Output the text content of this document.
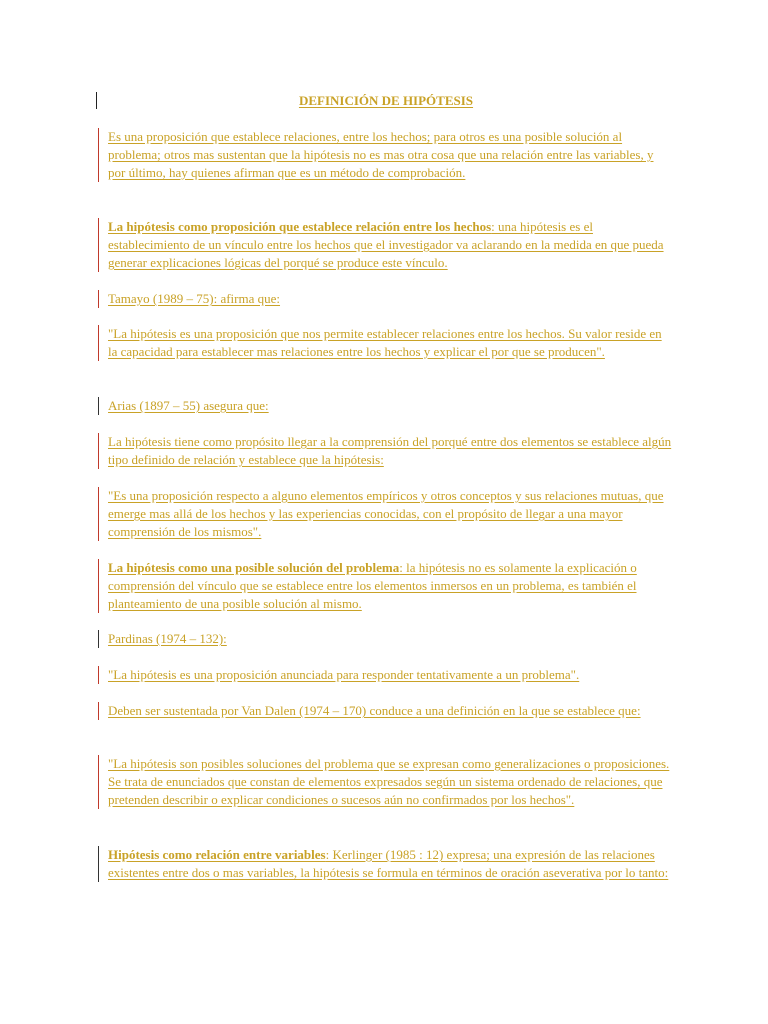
DEFINICIÓN DE HIPÓTESIS
Es una proposición que establece relaciones, entre los hechos; para otros es una posible solución al problema; otros mas sustentan que la hipótesis no es mas otra cosa que una relación entre las variables, y por último, hay quienes afirman que es un método de comprobación.
La hipótesis como proposición que establece relación entre los hechos: una hipótesis es el establecimiento de un vínculo entre los hechos que el investigador va aclarando en la medida en que pueda generar explicaciones lógicas del porqué se produce este vínculo.
Tamayo (1989 – 75): afirma que:
"La hipótesis es una proposición que nos permite establecer relaciones entre los hechos. Su valor reside en la capacidad para establecer mas relaciones entre los hechos y explicar el por que se producen".
Arias (1897 – 55) asegura que:
La hipótesis tiene como propósito llegar a la comprensión del porqué entre dos elementos se establece algún tipo definido de relación y establece que la hipótesis:
"Es una proposición respecto a alguno elementos empíricos y otros conceptos y sus relaciones mutuas, que emerge mas allá de los hechos y las experiencias conocidas, con el propósito de llegar a una mayor comprensión de los mismos".
La hipótesis como una posible solución del problema: la hipótesis no es solamente la explicación o comprensión del vínculo que se establece entre los elementos inmersos en un problema, es también el planteamiento de una posible solución al mismo.
Pardinas (1974 – 132):
"La hipótesis es una proposición anunciada para responder tentativamente a un problema".
Deben ser sustentada por Van Dalen (1974 – 170) conduce a una definición en la que se establece que:
"La hipótesis son posibles soluciones del problema que se expresan como generalizaciones o proposiciones. Se trata de enunciados que constan de elementos expresados según un sistema ordenado de relaciones, que pretenden describir o explicar condiciones o sucesos aún no confirmados por los hechos".
Hipótesis como relación entre variables: Kerlinger (1985 : 12) expresa; una expresión de las relaciones existentes entre dos o mas variables, la hipótesis se formula en términos de oración aseverativa por lo tanto:
